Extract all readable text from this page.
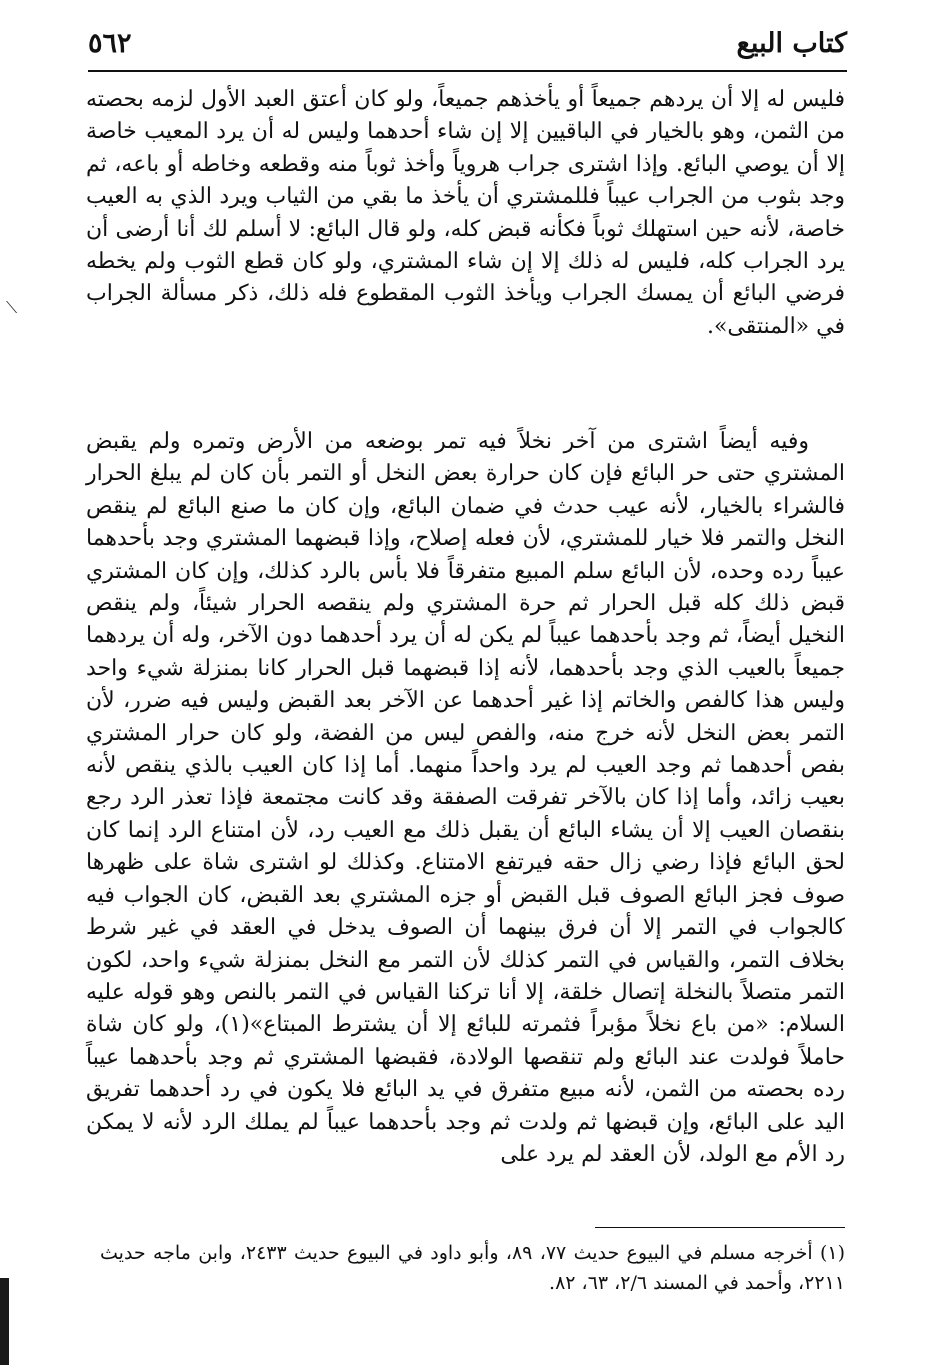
كتاب البيع
٥٦٢

فليس له إلا أن يردهم جميعاً أو يأخذهم جميعاً، ولو كان أعتق العبد الأول لزمه بحصته من الثمن، وهو بالخيار في الباقيين إلا إن شاء أحدهما وليس له أن يرد المعيب خاصة إلا أن يوصي البائع. وإذا اشترى جراب هروياً وأخذ ثوباً منه وقطعه وخاطه أو باعه، ثم وجد بثوب من الجراب عيباً فللمشتري أن يأخذ ما بقي من الثياب ويرد الذي به العيب خاصة، لأنه حين استهلك ثوباً فكأنه قبض كله، ولو قال البائع: لا أسلم لك أنا أرضى أن يرد الجراب كله، فليس له ذلك إلا إن شاء المشتري، ولو كان قطع الثوب ولم يخطه فرضي البائع أن يمسك الجراب ويأخذ الثوب المقطوع فله ذلك، ذكر مسألة الجراب في «المنتقى».

وفيه أيضاً اشترى من آخر نخلاً فيه تمر بوضعه من الأرض وتمره ولم يقبض المشتري حتى حر البائع فإن كان حرارة بعض النخل أو التمر بأن كان لم يبلغ الحرار فالشراء بالخيار، لأنه عيب حدث في ضمان البائع، وإن كان ما صنع البائع لم ينقص النخل والتمر فلا خيار للمشتري، لأن فعله إصلاح، وإذا قبضهما المشتري وجد بأحدهما عيباً رده وحده، لأن البائع سلم المبيع متفرقاً فلا بأس بالرد كذلك، وإن كان المشتري قبض ذلك كله قبل الحرار ثم حرة المشتري ولم ينقصه الحرار شيئاً، ولم ينقص النخيل أيضاً، ثم وجد بأحدهما عيباً لم يكن له أن يرد أحدهما دون الآخر، وله أن يردهما جميعاً بالعيب الذي وجد بأحدهما، لأنه إذا قبضهما قبل الحرار كانا بمنزلة شيء واحد وليس هذا كالفص والخاتم إذا غير أحدهما عن الآخر بعد القبض وليس فيه ضرر، لأن التمر بعض النخل لأنه خرج منه، والفص ليس من الفضة، ولو كان حرار المشتري بفص أحدهما ثم وجد العيب لم يرد واحداً منهما. أما إذا كان العيب بالذي ينقص لأنه بعيب زائد، وأما إذا كان بالآخر تفرقت الصفقة وقد كانت مجتمعة فإذا تعذر الرد رجع بنقصان العيب إلا أن يشاء البائع أن يقبل ذلك مع العيب رد، لأن امتناع الرد إنما كان لحق البائع فإذا رضي زال حقه فيرتفع الامتناع. وكذلك لو اشترى شاة على ظهرها صوف فجز البائع الصوف قبل القبض أو جزه المشتري بعد القبض، كان الجواب فيه كالجواب في التمر إلا أن فرق بينهما أن الصوف يدخل في العقد في غير شرط بخلاف التمر، والقياس في التمر كذلك لأن التمر مع النخل بمنزلة شيء واحد، لكون التمر متصلاً بالنخلة إتصال خلقة، إلا أنا تركنا القياس في التمر بالنص وهو قوله عليه السلام: «من باع نخلاً مؤبراً فثمرته للبائع إلا أن يشترط المبتاع»(١)، ولو كان شاة حاملاً فولدت عند البائع ولم تنقصها الولادة، فقبضها المشتري ثم وجد بأحدهما عيباً رده بحصته من الثمن، لأنه مبيع متفرق في يد البائع فلا يكون في رد أحدهما تفريق اليد على البائع، وإن قبضها ثم ولدت ثم وجد بأحدهما عيباً لم يملك الرد لأنه لا يمكن رد الأم مع الولد، لأن العقد لم يرد على

(١) أخرجه مسلم في البيوع حديث ٧٧، ٨٩، وأبو داود في البيوع حديث ٢٤٣٣، وابن ماجه حديث ٢٢١١، وأحمد في المسند ٢/٦، ٦٣، ٨٢.

⟍
